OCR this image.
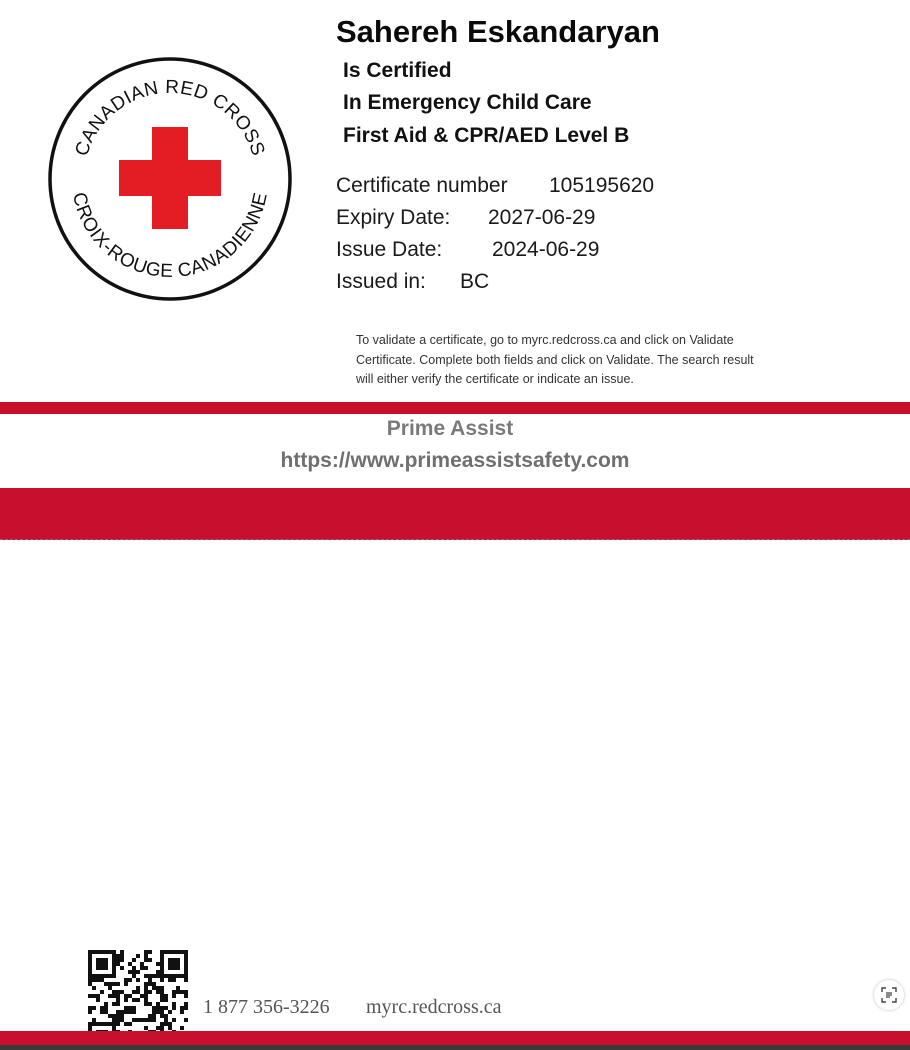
CANADIAN RED CROSS
CROIX-ROUGE CANADIENNE
Sahereh Eskandaryan
Is Certified
In Emergency Child Care
First Aid & CPR/AED Level B
Certificate number 105195620
Expiry Date: 2027-06-29
Issue Date: 2024-06-29
Issued in: BC
To validate a certificate, go to myrc.redcross.ca and click on Validate
Certificate. Complete both fields and click on Validate. The search result
will either verify the certificate or indicate an issue.
Prime Assist
https://www.primeassistsafety.com
1 877 356-3226 myrc.redcross.ca
